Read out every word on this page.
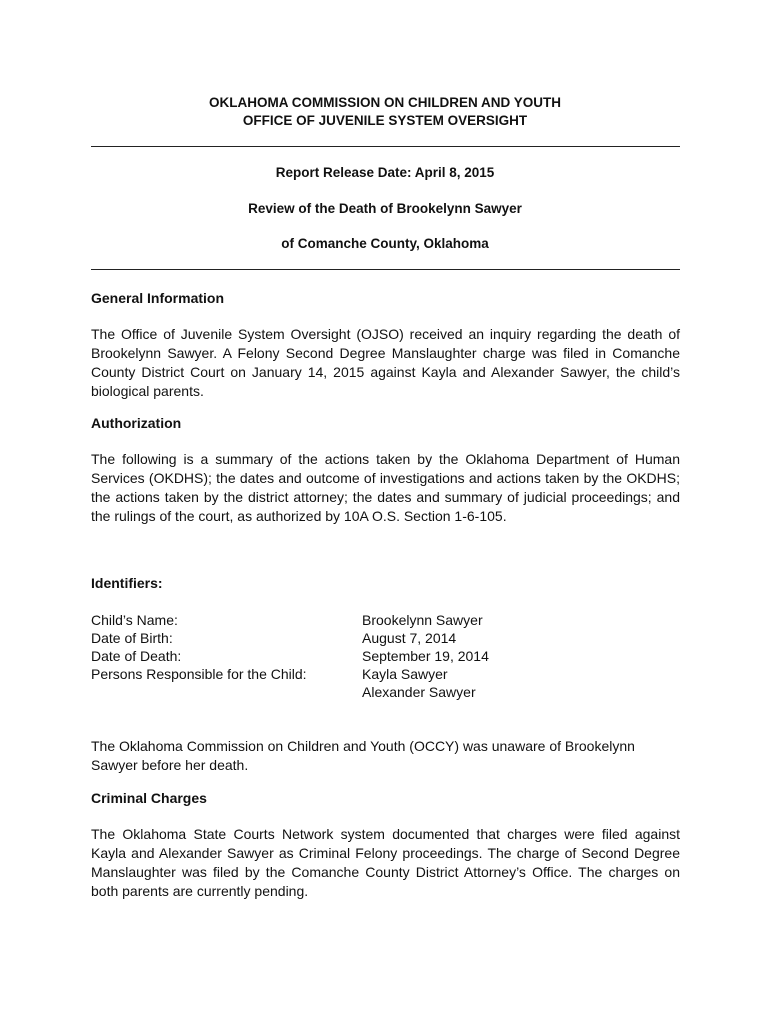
OKLAHOMA COMMISSION ON CHILDREN AND YOUTH
OFFICE OF JUVENILE SYSTEM OVERSIGHT
Report Release Date: April 8, 2015
Review of the Death of Brookelynn Sawyer
of Comanche County, Oklahoma
General Information

The Office of Juvenile System Oversight (OJSO) received an inquiry regarding the death of Brookelynn Sawyer. A Felony Second Degree Manslaughter charge was filed in Comanche County District Court on January 14, 2015 against Kayla and Alexander Sawyer, the child’s biological parents.

Authorization

The following is a summary of the actions taken by the Oklahoma Department of Human Services (OKDHS); the dates and outcome of investigations and actions taken by the OKDHS; the actions taken by the district attorney; the dates and summary of judicial proceedings; and the rulings of the court, as authorized by 10A O.S. Section 1-6-105.

Identifiers:
Child’s Name:	Brookelynn Sawyer
Date of Birth:	August 7, 2014
Date of Death:	September 19, 2014
Persons Responsible for the Child:	Kayla Sawyer
Alexander Sawyer

The Oklahoma Commission on Children and Youth (OCCY) was unaware of Brookelynn Sawyer before her death.

Criminal Charges

The Oklahoma State Courts Network system documented that charges were filed against Kayla and Alexander Sawyer as Criminal Felony proceedings. The charge of Second Degree Manslaughter was filed by the Comanche County District Attorney’s Office. The charges on both parents are currently pending.
